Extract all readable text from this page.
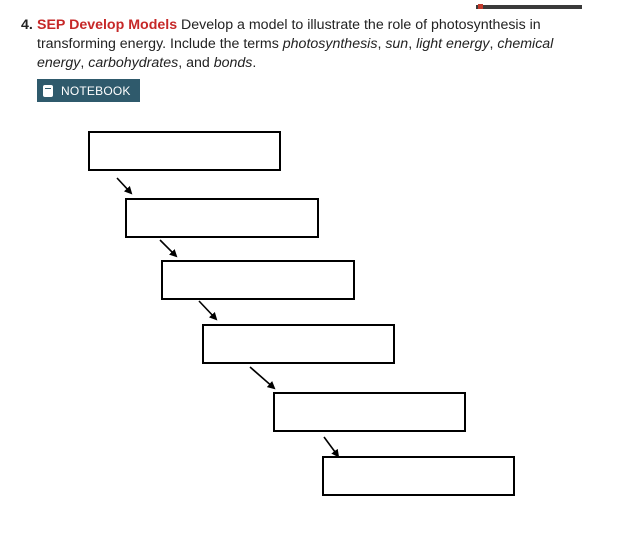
4. SEP Develop Models Develop a model to illustrate the role of photosynthesis in
transforming energy. Include the terms photosynthesis, sun, light energy, chemical
energy, carbohydrates, and bonds.
NOTEBOOK
